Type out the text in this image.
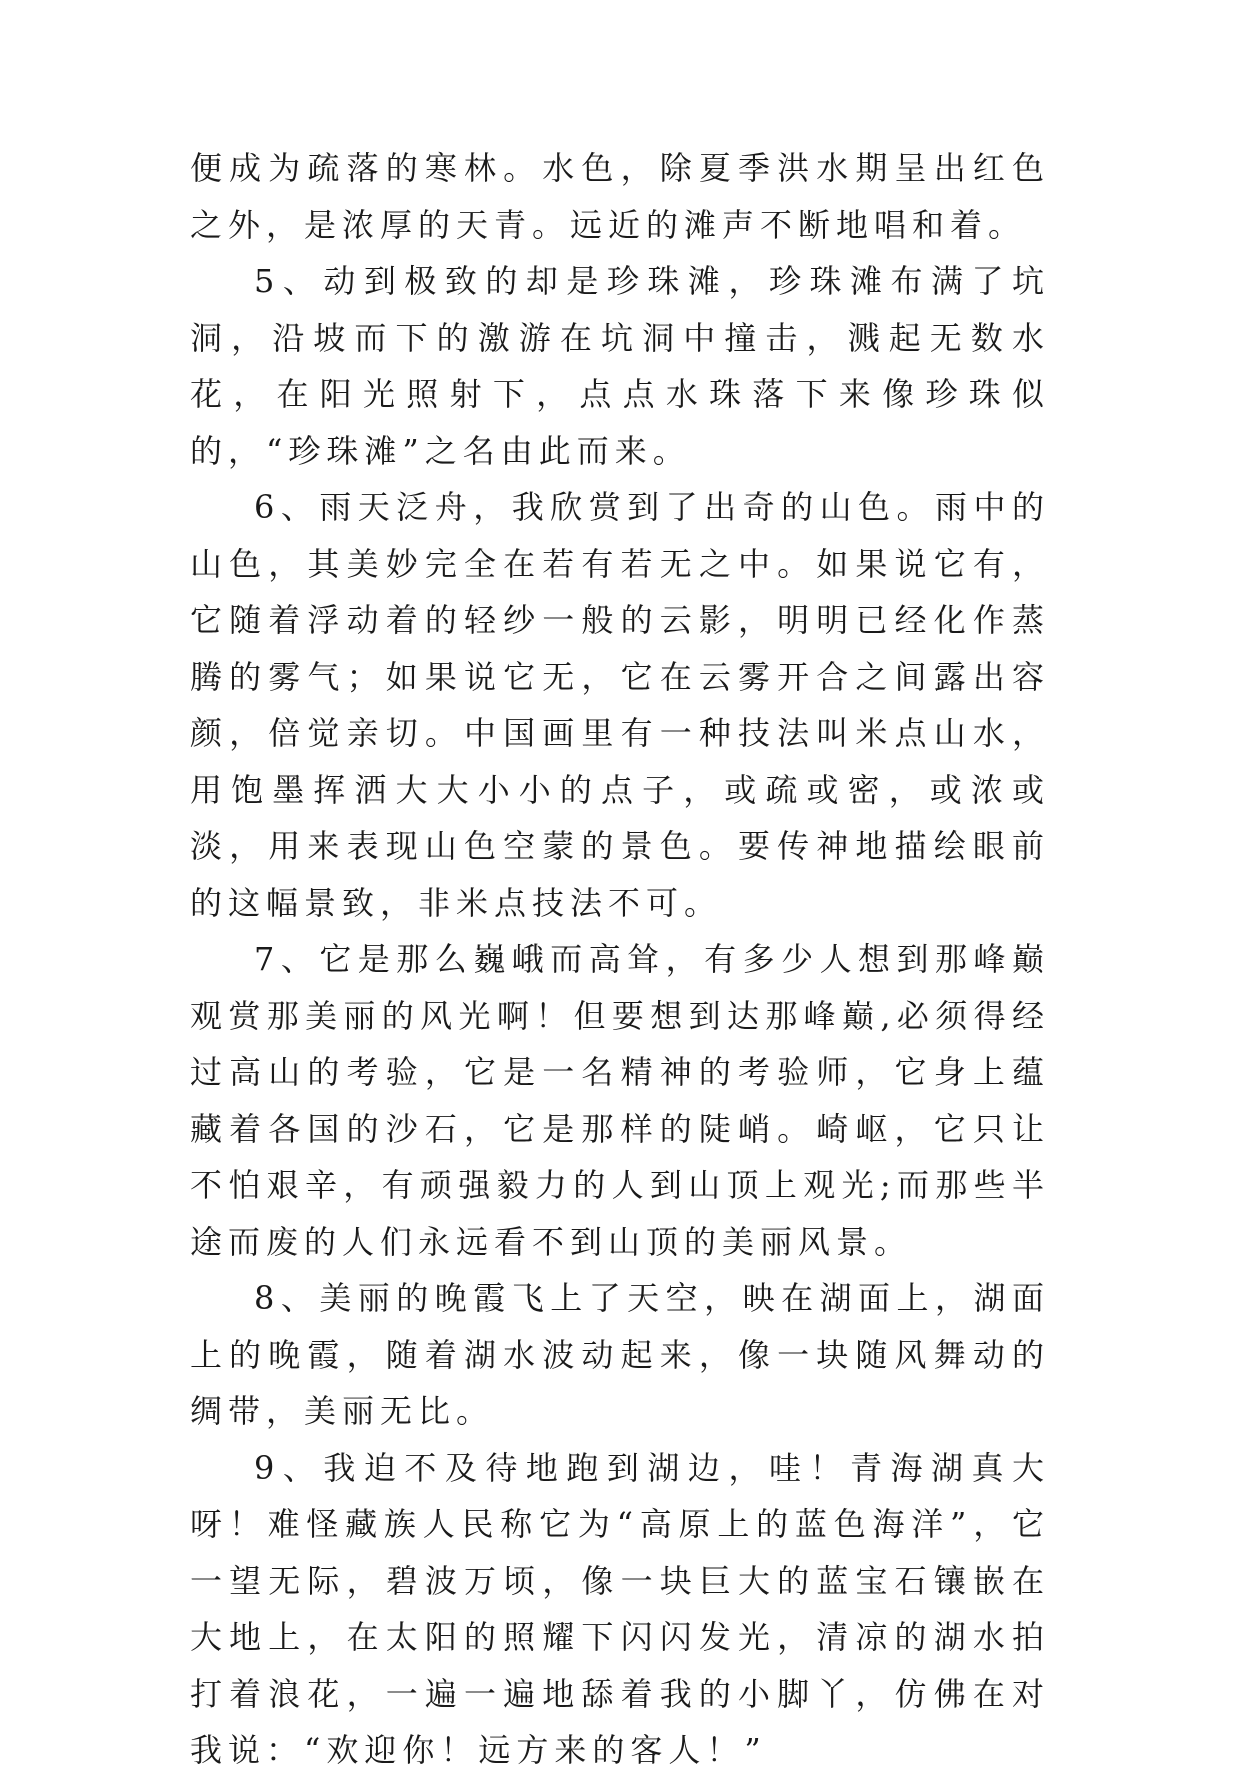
便成为疏落的寒林。水色，除夏季洪水期呈出红色之外，是浓厚的天青。远近的滩声不断地唱和着。

5、动到极致的却是珍珠滩，珍珠滩布满了坑洞，沿坡而下的激游在坑洞中撞击，溅起无数水花，在阳光照射下，点点水珠落下来像珍珠似的，“珍珠滩”之名由此而来。

6、雨天泛舟，我欣赏到了出奇的山色。雨中的山色，其美妙完全在若有若无之中。如果说它有，它随着浮动着的轻纱一般的云影，明明已经化作蒸腾的雾气；如果说它无，它在云雾开合之间露出容颜，倍觉亲切。中国画里有一种技法叫米点山水，用饱墨挥洒大大小小的点子，或疏或密，或浓或淡，用来表现山色空蒙的景色。要传神地描绘眼前的这幅景致，非米点技法不可。

7、它是那么巍峨而高耸，有多少人想到那峰巅观赏那美丽的风光啊！但要想到达那峰巅,必须得经过高山的考验，它是一名精神的考验师，它身上蕴藏着各国的沙石，它是那样的陡峭。崎岖，它只让不怕艰辛，有顽强毅力的人到山顶上观光;而那些半途而废的人们永远看不到山顶的美丽风景。

8、美丽的晚霞飞上了天空，映在湖面上，湖面上的晚霞，随着湖水波动起来，像一块随风舞动的绸带，美丽无比。

9、我迫不及待地跑到湖边，哇！青海湖真大呀！难怪藏族人民称它为“高原上的蓝色海洋”，它一望无际，碧波万顷，像一块巨大的蓝宝石镶嵌在大地上，在太阳的照耀下闪闪发光，清凉的湖水拍打着浪花，一遍一遍地舔着我的小脚丫，仿佛在对我说：“欢迎你！远方来的客人！”
